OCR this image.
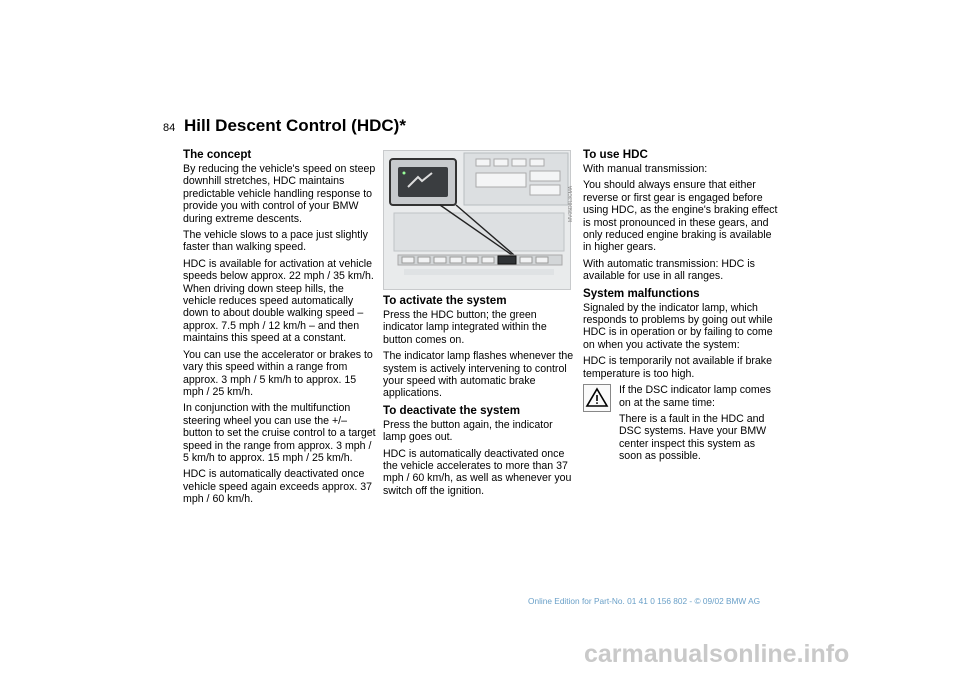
84 Hill Descent Control (HDC)*
The concept

By reducing the vehicle's speed on steep downhill stretches, HDC maintains predictable vehicle handling response to provide you with control of your BMW during extreme descents.

The vehicle slows to a pace just slightly faster than walking speed.

HDC is available for activation at vehicle speeds below approx. 22 mph / 35 km/h. When driving down steep hills, the vehicle reduces speed automatically down to about double walking speed – approx. 7.5 mph / 12 km/h – and then maintains this speed at a constant.

You can use the accelerator or brakes to vary this speed within a range from approx. 3 mph / 5 km/h to approx. 15 mph / 25 km/h.

In conjunction with the multifunction steering wheel you can use the +/– button to set the cruise control to a target speed in the range from approx. 3 mph / 5 km/h to approx. 15 mph / 25 km/h.

HDC is automatically deactivated once vehicle speed again exceeds approx. 37 mph / 60 km/h.

MV05D8L3CMA
To activate the system

Press the HDC button; the green indicator lamp integrated within the button comes on.

The indicator lamp flashes whenever the system is actively intervening to control your speed with automatic brake applications.

To deactivate the system

Press the button again, the indicator lamp goes out.

HDC is automatically deactivated once the vehicle accelerates to more than 37 mph / 60 km/h, as well as whenever you switch off the ignition.

To use HDC

With manual transmission:

You should always ensure that either reverse or first gear is engaged before using HDC, as the engine's braking effect is most pronounced in these gears, and only reduced engine braking is available in higher gears.

With automatic transmission: HDC is available for use in all ranges.

System malfunctions

Signaled by the indicator lamp, which responds to problems by going out while HDC is in operation or by failing to come on when you activate the system:

HDC is temporarily not available if brake temperature is too high.

If the DSC indicator lamp comes on at the same time:

There is a fault in the HDC and DSC systems. Have your BMW center inspect this system as soon as possible.

Online Edition for Part-No. 01 41 0 156 802 - © 09/02 BMW AG
carmanualsonline.info
